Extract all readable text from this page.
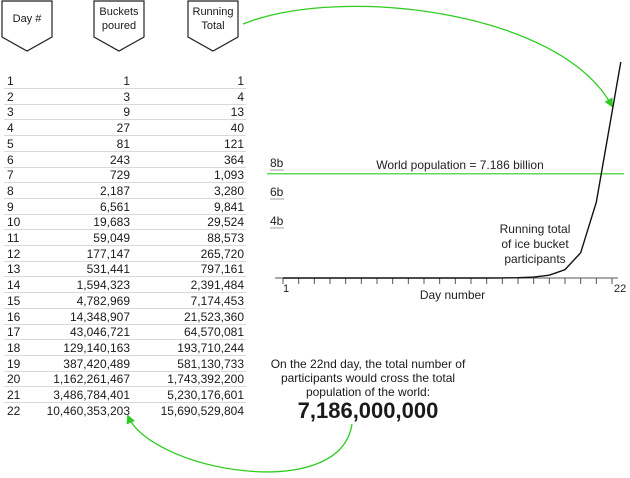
Day #
Buckets
poured
Running
Total
1	1	1
2	3	4
3	9	13
4	27	40
5	81	121
6	243	364
7	729	1,093
8	2,187	3,280
9	6,561	9,841
10	19,683	29,524
11	59,049	88,573
12	177,147	265,720
13	531,441	797,161
14	1,594,323	2,391,484
15	4,782,969	7,174,453
16	14,348,907	21,523,360
17	43,046,721	64,570,081
18	129,140,163	193,710,244
19	387,420,489	581,130,733
20	1,162,261,467	1,743,392,200
21	3,486,784,401	5,230,176,601
22 10,460,353,203	15,690,529,804
1	22
Day number
8b
6b
4b
World population = 7.186 billion
Running total of ice bucket participants
On the 22nd day, the total number of participants would cross the total population of the world:
7,186,000,000
